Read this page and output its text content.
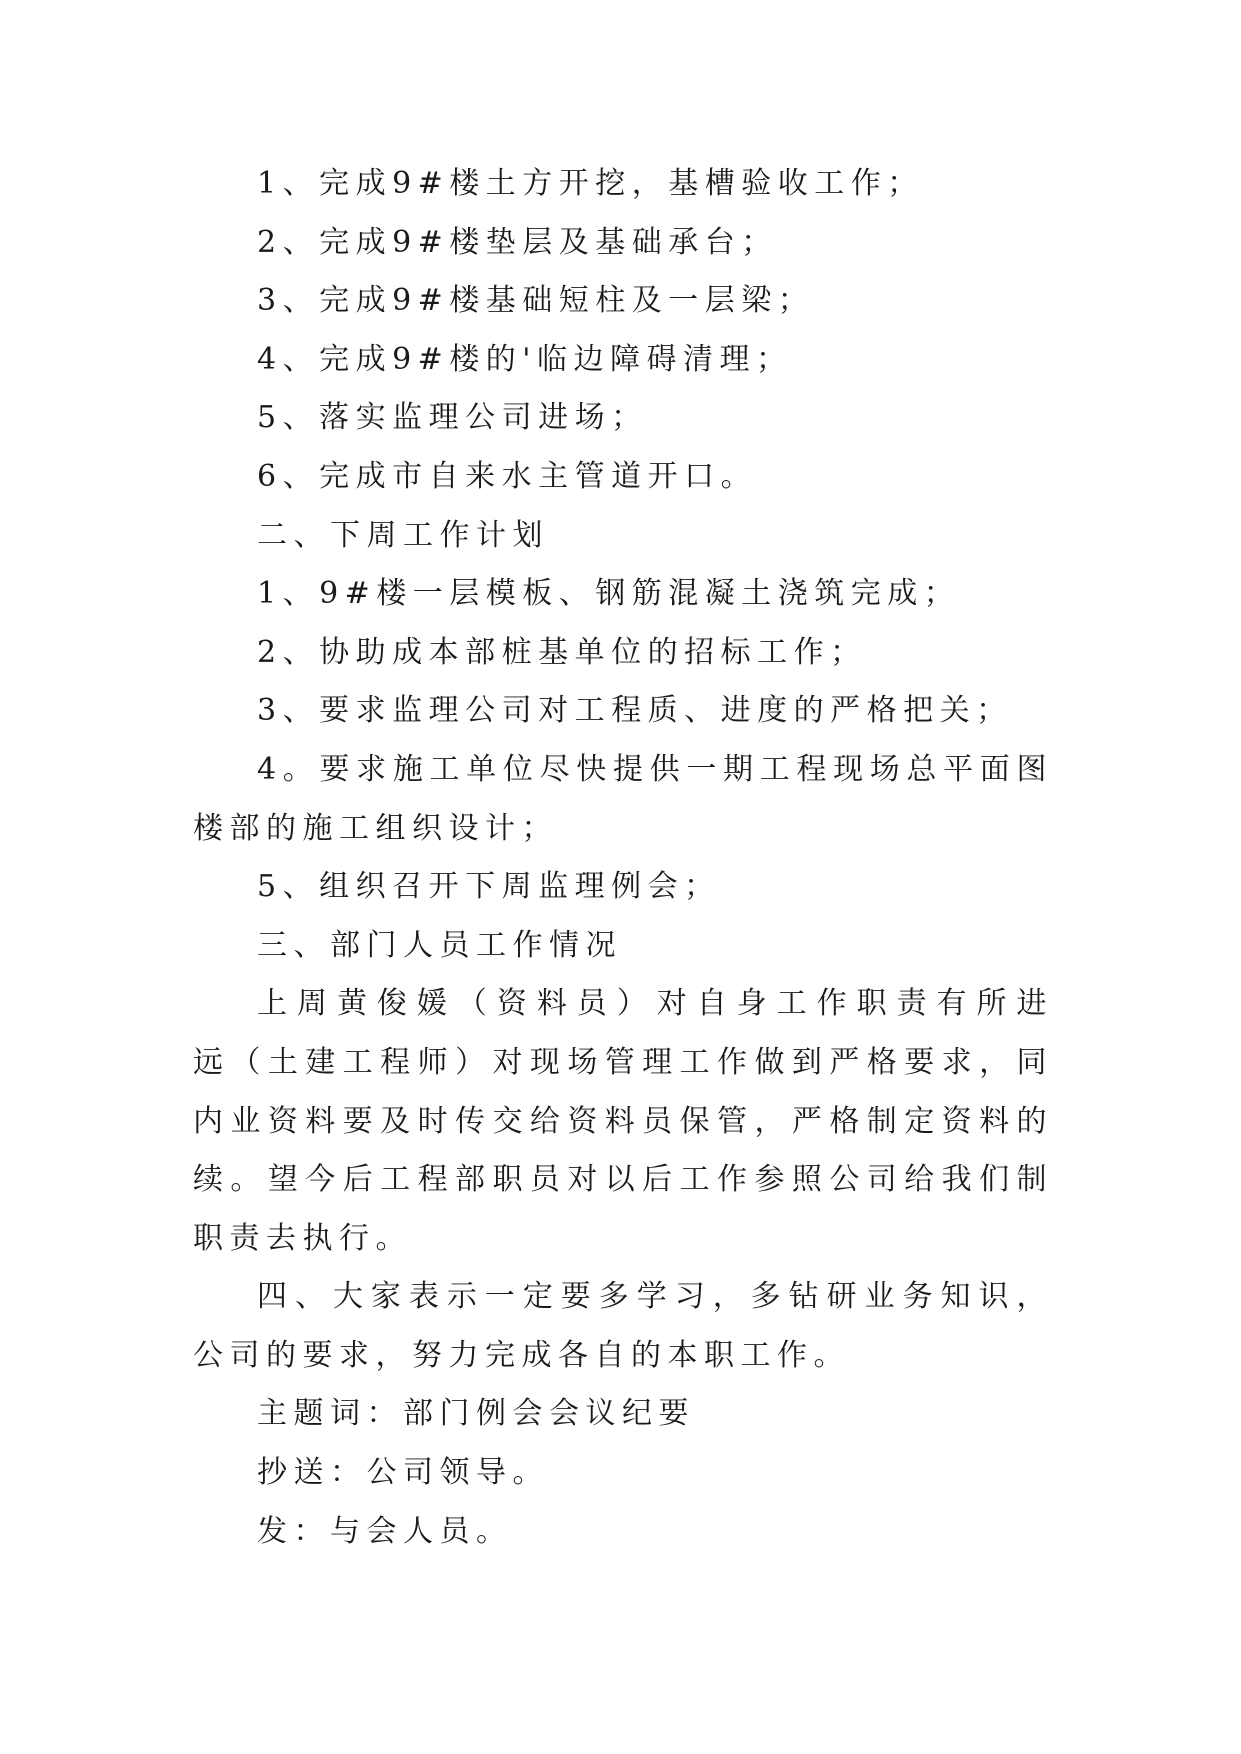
1、完成9#楼土方开挖，基槽验收工作；
2、完成9#楼垫层及基础承台；
3、完成9#楼基础短柱及一层梁；
4、完成9#楼的'临边障碍清理；
5、落实监理公司进场；
6、完成市自来水主管道开口。
二、下周工作计划
1、9#楼一层模板、钢筋混凝土浇筑完成；
2、协助成本部桩基单位的招标工作；
3、要求监理公司对工程质、进度的严格把关；
4。要求施工单位尽快提供一期工程现场总平面图
楼部的施工组织设计；
5、组织召开下周监理例会；
三、部门人员工作情况
上周黄俊媛（资料员）对自身工作职责有所进
远（土建工程师）对现场管理工作做到严格要求，同
内业资料要及时传交给资料员保管，严格制定资料的
续。望今后工程部职员对以后工作参照公司给我们制
职责去执行。
四、大家表示一定要多学习，多钻研业务知识，
公司的要求，努力完成各自的本职工作。
主题词：部门例会会议纪要
抄送：公司领导。
发：与会人员。
